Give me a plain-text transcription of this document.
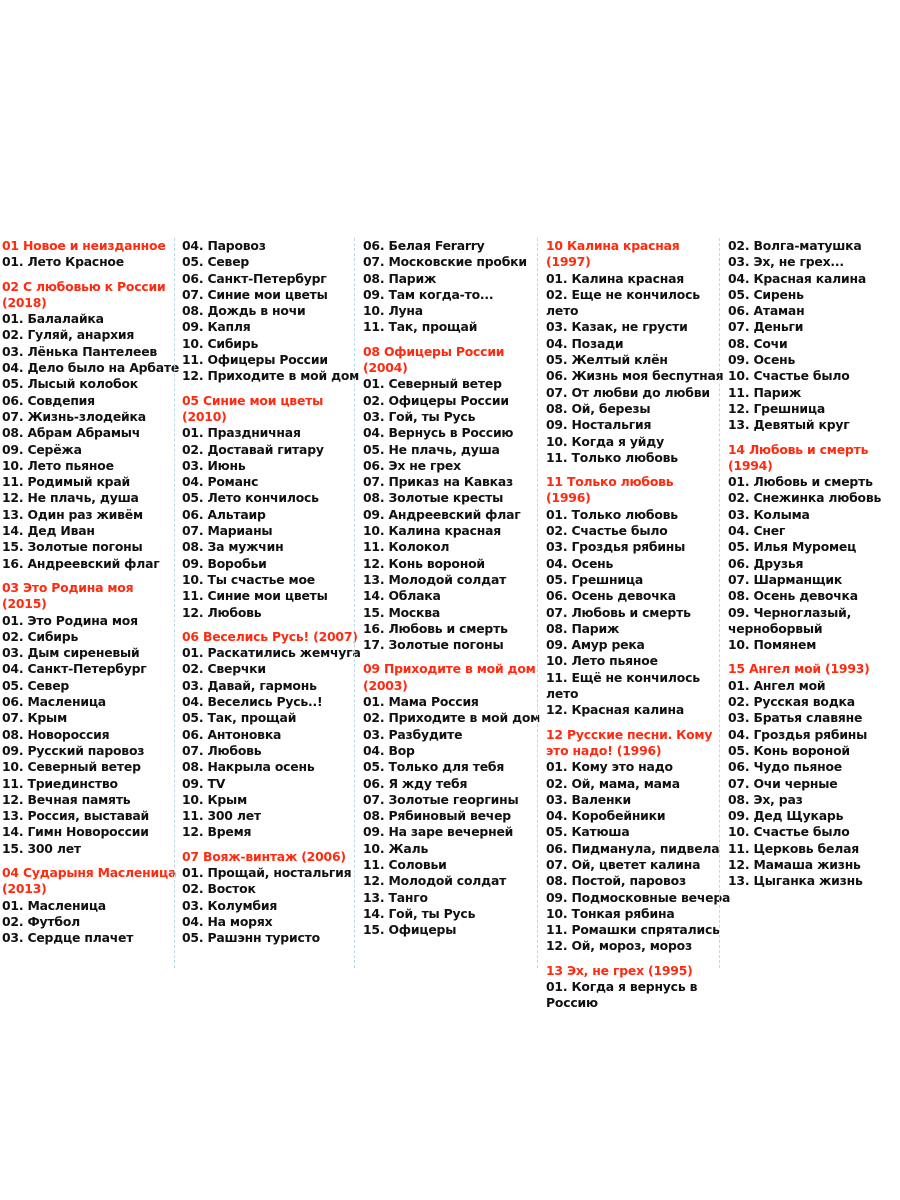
01 Новое и неизданное
01. Лето Красное
02 С любовью к России (2018)
01. Балалайка
02. Гуляй, анархия
03. Лёнька Пантелеев
04. Дело было на Арбате
05. Лысый колобок
06. Совдепия
07. Жизнь-злодейка
08. Абрам Абрамыч
09. Серёжа
10. Лето пьяное
11. Родимый край
12. Не плачь, душа
13. Один раз живём
14. Дед Иван
15. Золотые погоны
16. Андреевский флаг
03 Это Родина моя (2015)
01. Это Родина моя
02. Сибирь
03. Дым сиреневый
04. Санкт-Петербург
05. Север
06. Масленица
07. Крым
08. Новороссия
09. Русский паровоз
10. Северный ветер
11. Триединство
12. Вечная память
13. Россия, выставай
14. Гимн Новороссии
15. 300 лет
04 Сударыня Масленица (2013)
01. Масленица
02. Футбол
03. Сердце плачет
04. Паровоз
05. Север
06. Санкт-Петербург
07. Синие мои цветы
08. Дождь в ночи
09. Капля
10. Сибирь
11. Офицеры России
12. Приходите в мой дом
05 Синие мои цветы (2010)
01. Праздничная
02. Доставай гитару
03. Июнь
04. Романс
05. Лето кончилось
06. Альтаир
07. Марианы
08. За мужчин
09. Воробьи
10. Ты счастье мое
11. Синие мои цветы
12. Любовь
06 Веселись Русь! (2007)
01. Раскатились жемчуга
02. Сверчки
03. Давай, гармонь
04. Веселись Русь..!
05. Так, прощай
06. Антоновка
07. Любовь
08. Накрыла осень
09. TV
10. Крым
11. 300 лет
12. Время
07 Вояж-винтаж (2006)
01. Прощай, ностальгия
02. Восток
03. Колумбия
04. На морях
05. Рашэнн туристо
06. Белая Ferarry
07. Московские пробки
08. Париж
09. Там когда-то...
10. Луна
11. Так, прощай
08 Офицеры России (2004)
01. Северный ветер
02. Офицеры России
03. Гой, ты Русь
04. Вернусь в Россию
05. Не плачь, душа
06. Эх не грех
07. Приказ на Кавказ
08. Золотые кресты
09. Андреевский флаг
10. Калина красная
11. Колокол
12. Конь вороной
13. Молодой солдат
14. Облака
15. Москва
16. Любовь и смерть
17. Золотые погоны
09 Приходите в мой дом (2003)
01. Мама Россия
02. Приходите в мой дом
03. Разбудите
04. Вор
05. Только для тебя
06. Я жду тебя
07. Золотые георгины
08. Рябиновый вечер
09. На заре вечерней
10. Жаль
11. Соловьи
12. Молодой солдат
13. Танго
14. Гой, ты Русь
15. Офицеры
10 Калина красная (1997)
01. Калина красная
02. Еще не кончилось лето
03. Казак, не грусти
04. Позади
05. Желтый клён
06. Жизнь моя беспутная
07. От любви до любви
08. Ой, березы
09. Ностальгия
10. Когда я уйду
11. Только любовь
11 Только любовь (1996)
01. Только любовь
02. Счастье было
03. Гроздья рябины
04. Осень
05. Грешница
06. Осень девочка
07. Любовь и смерть
08. Париж
09. Амур река
10. Лето пьяное
11. Ещё не кончилось лето
12. Красная калина
12 Русские песни. Кому это надо! (1996)
01. Кому это надо
02. Ой, мама, мама
03. Валенки
04. Коробейники
05. Катюша
06. Пидманула, пидвела
07. Ой, цветет калина
08. Постой, паровоз
09. Подмосковные вечера
10. Тонкая рябина
11. Ромашки спрятались
12. Ой, мороз, мороз
13 Эх, не грех (1995)
01. Когда я вернусь в Россию
02. Волга-матушка
03. Эх, не грех...
04. Красная калина
05. Сирень
06. Атаман
07. Деньги
08. Сочи
09. Осень
10. Счастье было
11. Париж
12. Грешница
13. Девятый круг
14 Любовь и смерть (1994)
01. Любовь и смерть
02. Снежинка любовь
03. Колыма
04. Снег
05. Илья Муромец
06. Друзья
07. Шарманщик
08. Осень девочка
09. Черноглазый, черноборвый
10. Помянем
15 Ангел мой (1993)
01. Ангел мой
02. Русская водка
03. Братья славяне
04. Гроздья рябины
05. Конь вороной
06. Чудо пьяное
07. Очи черные
08. Эх, раз
09. Дед Щукарь
10. Счастье было
11. Церковь белая
12. Мамаша жизнь
13. Цыганка жизнь
